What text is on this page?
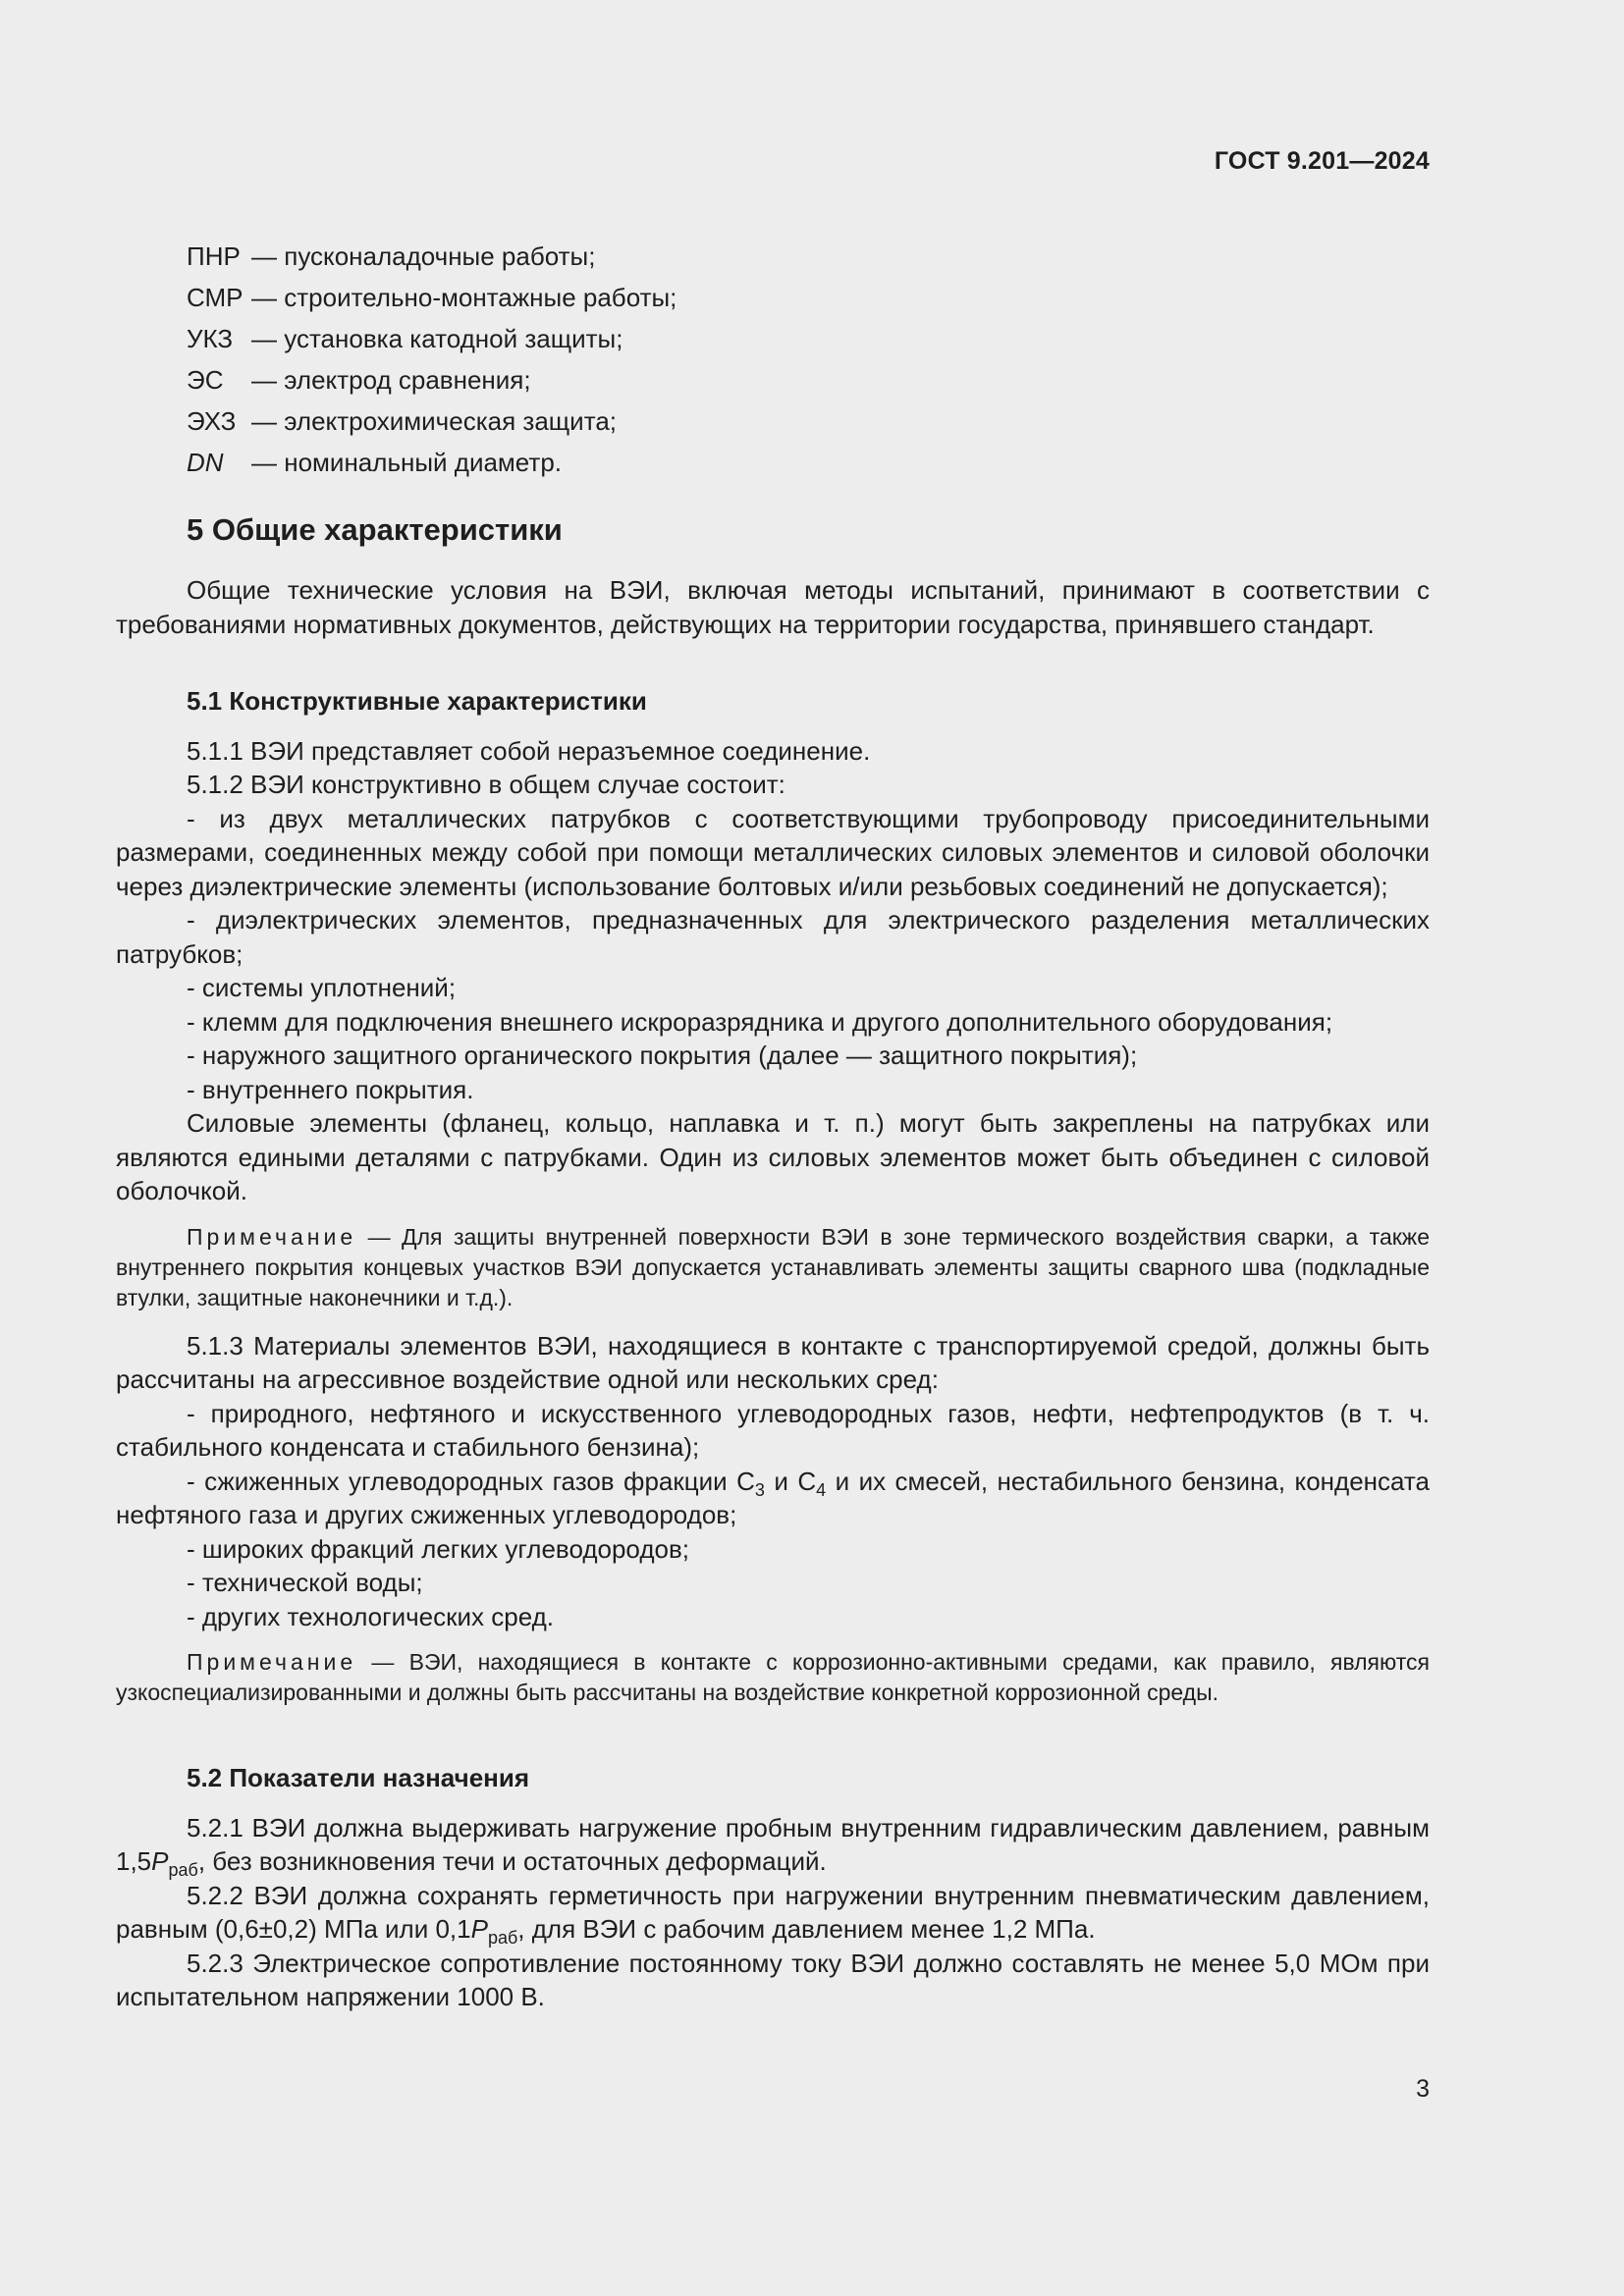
ГОСТ 9.201—2024
ПНР —
пусконаладочные работы;
СМР —
строительно-монтажные работы;
УКЗ —
установка катодной защиты;
ЭС	—
электрод сравнения;
ЭХЗ —
электрохимическая защита;
DN	—
номинальный диаметр.
5 Общие характеристики

Общие технические условия на ВЭИ, включая методы испытаний, принимают в соответствии с требованиями нормативных документов, действующих на территории государства, принявшего стандарт.

5.1 Конструктивные характеристики

5.1.1 ВЭИ представляет собой неразъемное соединение.

5.1.2 ВЭИ конструктивно в общем случае состоит:

- из двух металлических патрубков с соответствующими трубопроводу присоединительными размерами, соединенных между собой при помощи металлических силовых элементов и силовой оболочки через диэлектрические элементы (использование болтовых и/или резьбовых соединений не допускается);

- диэлектрических элементов, предназначенных для электрического разделения металлических патрубков;

- системы уплотнений;

- клемм для подключения внешнего искроразрядника и другого дополнительного оборудования;

- наружного защитного органического покрытия (далее — защитного покрытия);

- внутреннего покрытия.

Силовые элементы (фланец, кольцо, наплавка и т. п.) могут быть закреплены на патрубках или являются едиными деталями с патрубками. Один из силовых элементов может быть объединен с силовой оболочкой.

Примечание — Для защиты внутренней поверхности ВЭИ в зоне термического воздействия сварки, а также внутреннего покрытия концевых участков ВЭИ допускается устанавливать элементы защиты сварного шва (подкладные втулки, защитные наконечники и т.д.).

5.1.3 Материалы элементов ВЭИ, находящиеся в контакте с транспортируемой средой, должны быть рассчитаны на агрессивное воздействие одной или нескольких сред:

- природного, нефтяного и искусственного углеводородных газов, нефти, нефтепродуктов (в т. ч. стабильного конденсата и стабильного бензина);

- сжиженных углеводородных газов фракции $С_3$ и $С_4$ и их смесей, нестабильного бензина, конденсата нефтяного газа и других сжиженных углеводородов;

- широких фракций легких углеводородов;

- технической воды;

- других технологических сред.

Примечание — ВЭИ, находящиеся в контакте с коррозионно-активными средами, как правило, являются узкоспециализированными и должны быть рассчитаны на воздействие конкретной коррозионной среды.

5.2 Показатели назначения

5.2.1 ВЭИ должна выдерживать нагружение пробным внутренним гидравлическим давлением, равным $1,5P_{раб}$, без возникновения течи и остаточных деформаций.

5.2.2 ВЭИ должна сохранять герметичность при нагружении внутренним пневматическим давлением, равным (0,6±0,2) МПа или $0,1P_{раб}$, для ВЭИ с рабочим давлением менее 1,2 МПа.

5.2.3 Электрическое сопротивление постоянному току ВЭИ должно составлять не менее 5,0 МОм при испытательном напряжении 1000 В.

3
